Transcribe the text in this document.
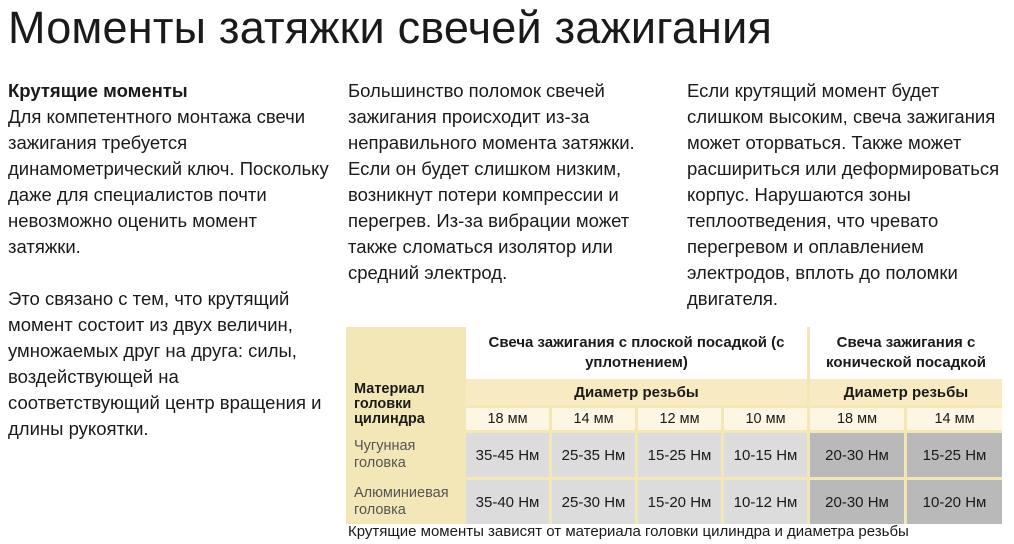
Моменты затяжки свечей зажигания

Крутящие моменты

Для компетентного монтажа свечи зажигания требуется динамометрический ключ. Поскольку даже для специалистов почти невозможно оценить момент затяжки.

Это связано с тем, что крутящий момент состоит из двух величин, умножаемых друг на друга: силы, воздействующей на соответствующий центр вращения и длины рукоятки.

Большинство поломок свечей зажигания происходит из-за неправильного момента затяжки. Если он будет слишком низким, возникнут потери компрессии и перегрев. Из-за вибрации может также сломаться изолятор или средний электрод.

Если крутящий момент будет слишком высоким, свеча зажигания может оторваться. Также может расшириться или деформироваться корпус. Нарушаются зоны теплоотведения, что чревато перегревом и оплавлением электродов, вплоть до поломки двигателя.

	Свеча зажигания с плоской посадкой (с уплотнением)				Свеча зажигания с конической посадкой	
Материал головки цилиндра	Диаметр резьбы				Диаметр резьбы	
	18 мм	14 мм	12 мм	10 мм	18 мм	14 мм
Чугунная головка	35-45 Нм	25-35 Нм	15-25 Нм	10-15 Нм	20-30 Нм	15-25 Нм
Алюминиевая головка	35-40 Нм	25-30 Нм	15-20 Нм	10-12 Нм	20-30 Нм	10-20 Нм
Крутящие моменты зависят от материала головки цилиндра и диаметра резьбы
